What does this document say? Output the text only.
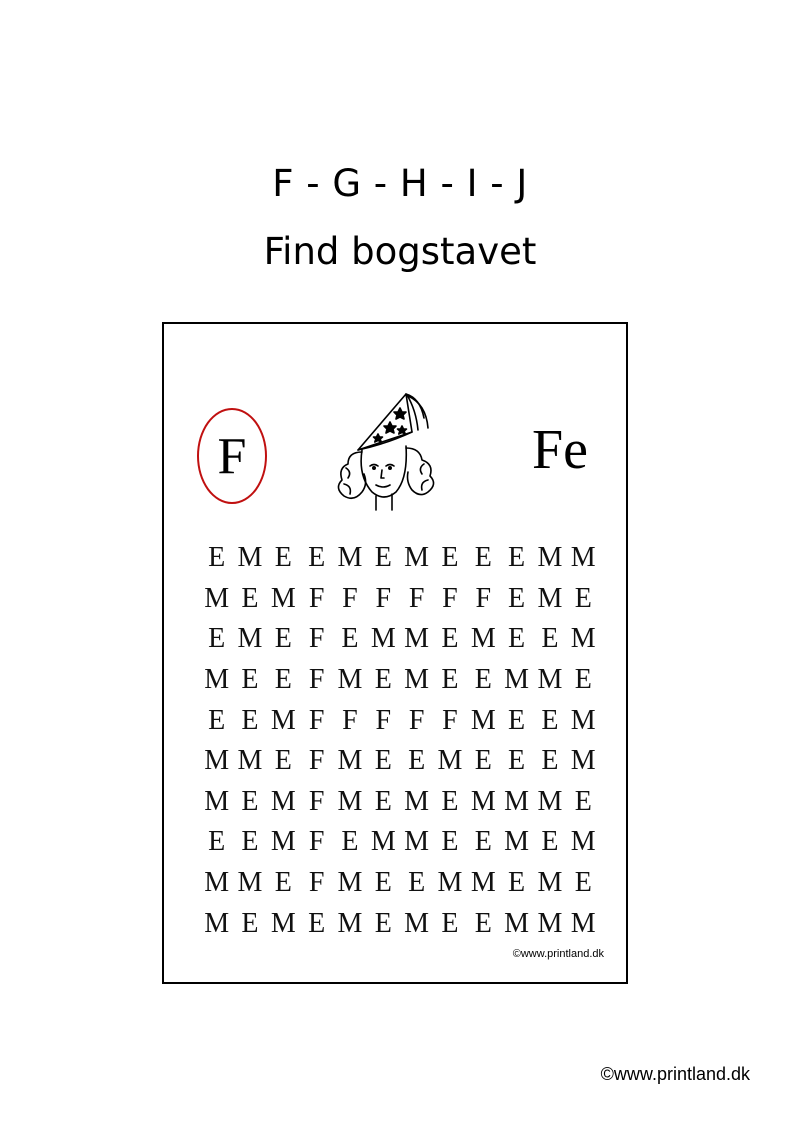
F - G - H - I - J
Find bogstavet
F	Fe
E M E E M E M E E E M M
M E M F F F F F F E M E
E M E F E M M E M E E M
M E E F M E M E E M M E
E E M F F F F F M E E M
M M E F M E E M E E E M
M E M F M E M E M M M E
E E M F E M M E E M E M
M M E F M E E M M E M E
M E M E M E M E E M M M
©www.printland.dk
©www.printland.dk
